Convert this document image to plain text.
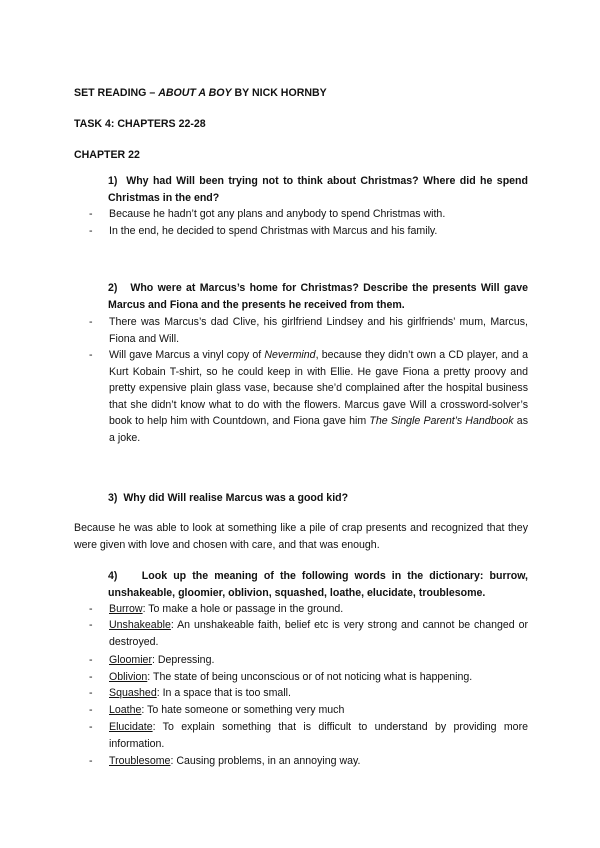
SET READING – ABOUT A BOY BY NICK HORNBY

TASK 4: CHAPTERS 22-28

CHAPTER 22

1) Why had Will been trying not to think about Christmas? Where did he spend Christmas in the end?
- Because he hadn’t got any plans and anybody to spend Christmas with.
- In the end, he decided to spend Christmas with Marcus and his family.
2) Who were at Marcus’s home for Christmas? Describe the presents Will gave Marcus and Fiona and the presents he received from them.
- There was Marcus’s dad Clive, his girlfriend Lindsey and his girlfriends’ mum, Marcus, Fiona and Will.
- Will gave Marcus a vinyl copy of Nevermind, because they didn’t own a CD player, and a Kurt Kobain T-shirt, so he could keep in with Ellie. He gave Fiona a pretty proovy and pretty expensive plain glass vase, because she’d complained after the hospital business that she didn’t know what to do with the flowers. Marcus gave Will a crossword-solver’s book to help him with Countdown, and Fiona gave him The Single Parent’s Handbook as a joke.
3) Why did Will realise Marcus was a good kid?

Because he was able to look at something like a pile of crap presents and recognized that they were given with love and chosen with care, and that was enough.

4) Look up the meaning of the following words in the dictionary: burrow, unshakeable, gloomier, oblivion, squashed, loathe, elucidate, troublesome.
- Burrow: To make a hole or passage in the ground.
- Unshakeable: An unshakeable faith, belief etc is very strong and cannot be changed or destroyed.
- Gloomier: Depressing.
- Oblivion: The state of being unconscious or of not noticing what is happening.
- Squashed: In a space that is too small.
- Loathe: To hate someone or something very much
- Elucidate: To explain something that is difficult to understand by providing more information.
- Troublesome: Causing problems, in an annoying way.
